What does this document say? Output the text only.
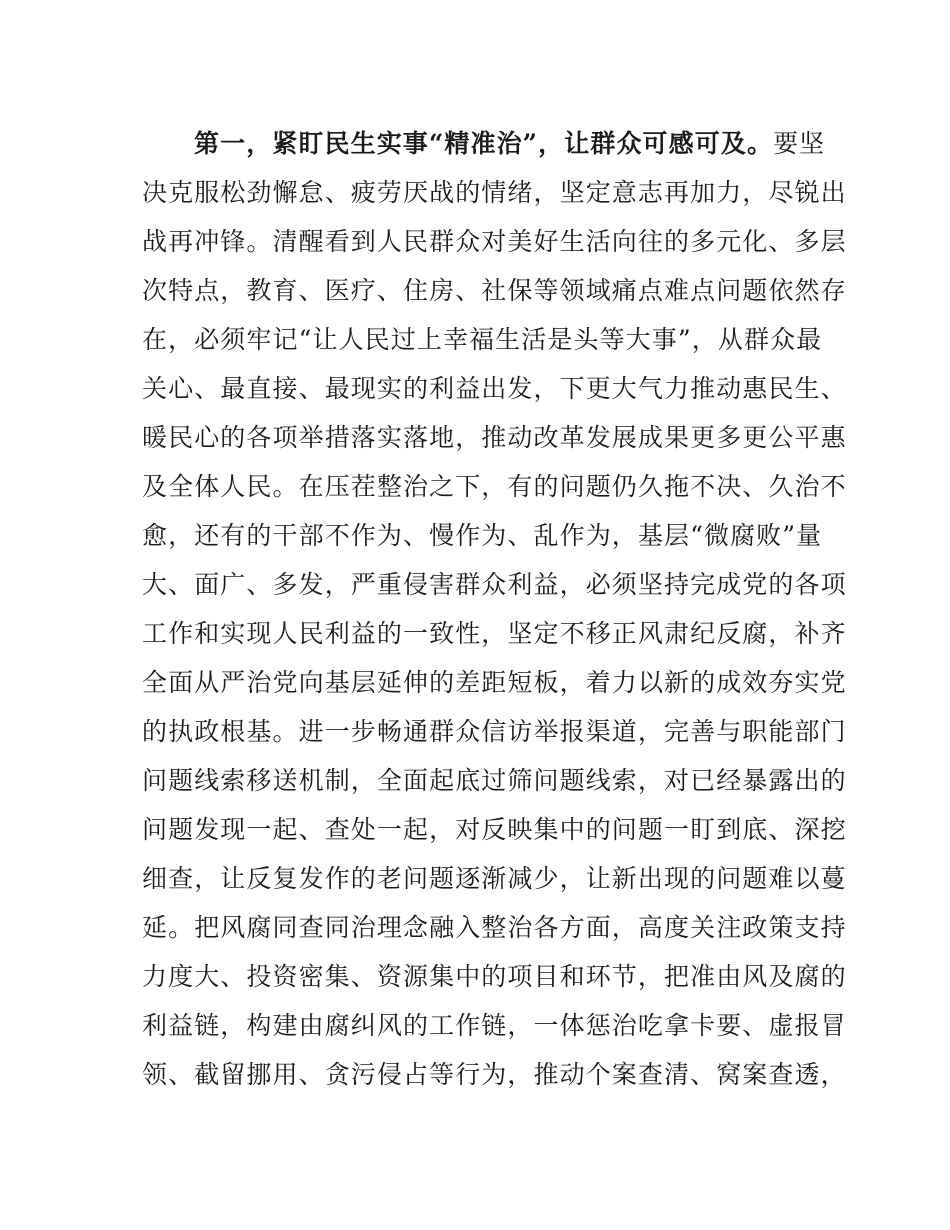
第一，紧盯民生实事“精准治”，让群众可感可及。要坚
决克服松劲懈怠、疲劳厌战的情绪，坚定意志再加力，尽锐出
战再冲锋。清醒看到人民群众对美好生活向往的多元化、多层
次特点，教育、医疗、住房、社保等领域痛点难点问题依然存
在，必须牢记“让人民过上幸福生活是头等大事”，从群众最
关心、最直接、最现实的利益出发，下更大气力推动惠民生、
暖民心的各项举措落实落地，推动改革发展成果更多更公平惠
及全体人民。在压茬整治之下，有的问题仍久拖不决、久治不
愈，还有的干部不作为、慢作为、乱作为，基层“微腐败”量
大、面广、多发，严重侵害群众利益，必须坚持完成党的各项
工作和实现人民利益的一致性，坚定不移正风肃纪反腐，补齐
全面从严治党向基层延伸的差距短板，着力以新的成效夯实党
的执政根基。进一步畅通群众信访举报渠道，完善与职能部门
问题线索移送机制，全面起底过筛问题线索，对已经暴露出的
问题发现一起、查处一起，对反映集中的问题一盯到底、深挖
细查，让反复发作的老问题逐渐减少，让新出现的问题难以蔓
延。把风腐同查同治理念融入整治各方面，高度关注政策支持
力度大、投资密集、资源集中的项目和环节，把准由风及腐的
利益链，构建由腐纠风的工作链，一体惩治吃拿卡要、虚报冒
领、截留挪用、贪污侵占等行为，推动个案查清、窝案查透，
